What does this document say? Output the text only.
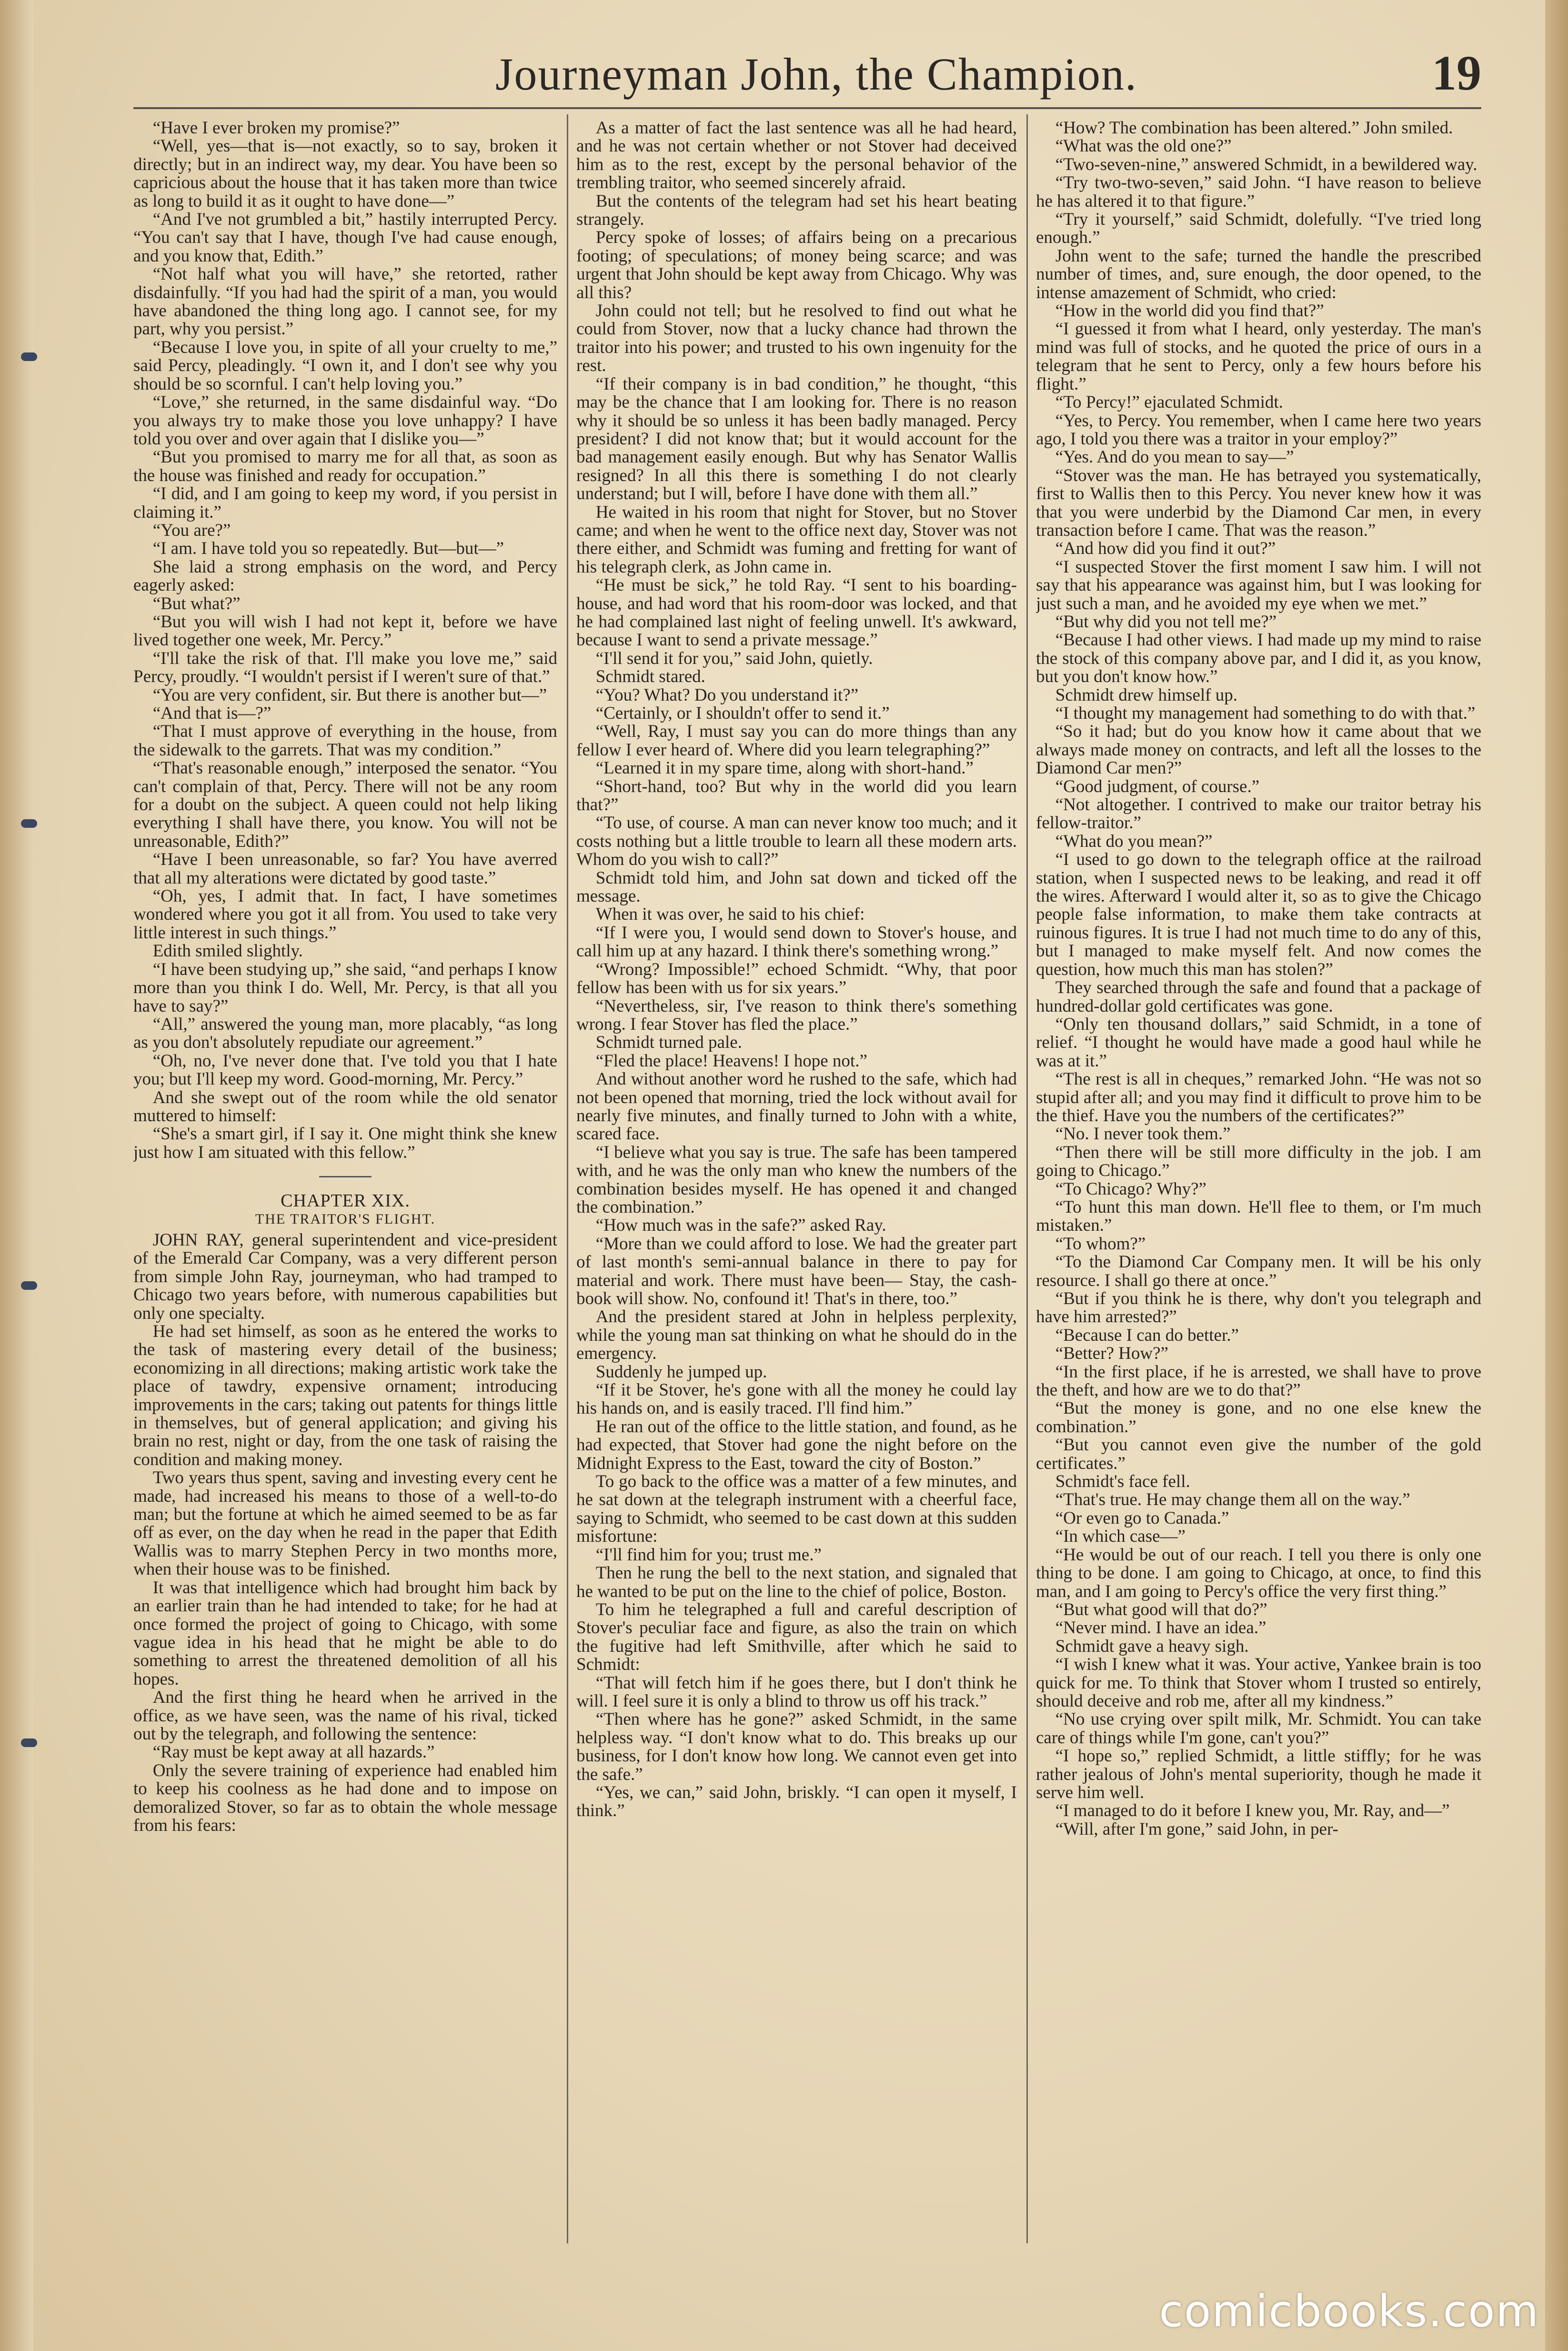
Journeyman John, the Champion.	19

“Have I ever broken my promise?”

“Well, yes—that is—not exactly, so to say, broken it directly; but in an indirect way, my dear. You have been so capricious about the house that it has taken more than twice as long to build it as it ought to have done—”

“And I've not grumbled a bit,” hastily interrupted Percy. “You can't say that I have, though I've had cause enough, and you know that, Edith.”

“Not half what you will have,” she retorted, rather disdainfully. “If you had had the spirit of a man, you would have abandoned the thing long ago. I cannot see, for my part, why you persist.”

“Because I love you, in spite of all your cruelty to me,” said Percy, pleadingly. “I own it, and I don't see why you should be so scornful. I can't help loving you.”

“Love,” she returned, in the same disdainful way. “Do you always try to make those you love unhappy? I have told you over and over again that I dislike you—”

“But you promised to marry me for all that, as soon as the house was finished and ready for occupation.”

“I did, and I am going to keep my word, if you persist in claiming it.”

“You are?”

“I am. I have told you so repeatedly. But—but—”

She laid a strong emphasis on the word, and Percy eagerly asked:

“But what?”

“But you will wish I had not kept it, before we have lived together one week, Mr. Percy.”

“I'll take the risk of that. I'll make you love me,” said Percy, proudly. “I wouldn't persist if I weren't sure of that.”

“You are very confident, sir. But there is another but—”

“And that is—?”

“That I must approve of everything in the house, from the sidewalk to the garrets. That was my condition.”

“That's reasonable enough,” interposed the senator. “You can't complain of that, Percy. There will not be any room for a doubt on the subject. A queen could not help liking everything I shall have there, you know. You will not be unreasonable, Edith?”

“Have I been unreasonable, so far? You have averred that all my alterations were dictated by good taste.”

“Oh, yes, I admit that. In fact, I have sometimes wondered where you got it all from. You used to take very little interest in such things.”

Edith smiled slightly.

“I have been studying up,” she said, “and perhaps I know more than you think I do. Well, Mr. Percy, is that all you have to say?”

“All,” answered the young man, more placably, “as long as you don't absolutely repudiate our agreement.”

“Oh, no, I've never done that. I've told you that I hate you; but I'll keep my word. Good-morning, Mr. Percy.”

And she swept out of the room while the old senator muttered to himself:

“She's a smart girl, if I say it. One might think she knew just how I am situated with this fellow.”

CHAPTER XIX.

THE TRAITOR'S FLIGHT.

JOHN RAY, general superintendent and vice-president of the Emerald Car Company, was a very different person from simple John Ray, journeyman, who had tramped to Chicago two years before, with numerous capabilities but only one specialty.

He had set himself, as soon as he entered the works to the task of mastering every detail of the business; economizing in all directions; making artistic work take the place of tawdry, expensive ornament; introducing improvements in the cars; taking out patents for things little in themselves, but of general application; and giving his brain no rest, night or day, from the one task of raising the condition and making money.

Two years thus spent, saving and investing every cent he made, had increased his means to those of a well-to-do man; but the fortune at which he aimed seemed to be as far off as ever, on the day when he read in the paper that Edith Wallis was to marry Stephen Percy in two months more, when their house was to be finished.

It was that intelligence which had brought him back by an earlier train than he had intended to take; for he had at once formed the project of going to Chicago, with some vague idea in his head that he might be able to do something to arrest the threatened demolition of all his hopes.

And the first thing he heard when he arrived in the office, as we have seen, was the name of his rival, ticked out by the telegraph, and following the sentence:

“Ray must be kept away at all hazards.”

Only the severe training of experience had enabled him to keep his coolness as he had done and to impose on demoralized Stover, so far as to obtain the whole message from his fears:

As a matter of fact the last sentence was all he had heard, and he was not certain whether or not Stover had deceived him as to the rest, except by the personal behavior of the trembling traitor, who seemed sincerely afraid.

But the contents of the telegram had set his heart beating strangely.

Percy spoke of losses; of affairs being on a precarious footing; of speculations; of money being scarce; and was urgent that John should be kept away from Chicago. Why was all this?

John could not tell; but he resolved to find out what he could from Stover, now that a lucky chance had thrown the traitor into his power; and trusted to his own ingenuity for the rest.

“If their company is in bad condition,” he thought, “this may be the chance that I am looking for. There is no reason why it should be so unless it has been badly managed. Percy president? I did not know that; but it would account for the bad management easily enough. But why has Senator Wallis resigned? In all this there is something I do not clearly understand; but I will, before I have done with them all.”

He waited in his room that night for Stover, but no Stover came; and when he went to the office next day, Stover was not there either, and Schmidt was fuming and fretting for want of his telegraph clerk, as John came in.

“He must be sick,” he told Ray. “I sent to his boarding-house, and had word that his room-door was locked, and that he had complained last night of feeling unwell. It's awkward, because I want to send a private message.”

“I'll send it for you,” said John, quietly.

Schmidt stared.

“You? What? Do you understand it?”

“Certainly, or I shouldn't offer to send it.”

“Well, Ray, I must say you can do more things than any fellow I ever heard of. Where did you learn telegraphing?”

“Learned it in my spare time, along with short-hand.”

“Short-hand, too? But why in the world did you learn that?”

“To use, of course. A man can never know too much; and it costs nothing but a little trouble to learn all these modern arts. Whom do you wish to call?”

Schmidt told him, and John sat down and ticked off the message.

When it was over, he said to his chief:

“If I were you, I would send down to Stover's house, and call him up at any hazard. I think there's something wrong.”

“Wrong? Impossible!” echoed Schmidt. “Why, that poor fellow has been with us for six years.”

“Nevertheless, sir, I've reason to think there's something wrong. I fear Stover has fled the place.”

Schmidt turned pale.

“Fled the place! Heavens! I hope not.”

And without another word he rushed to the safe, which had not been opened that morning, tried the lock without avail for nearly five minutes, and finally turned to John with a white, scared face.

“I believe what you say is true. The safe has been tampered with, and he was the only man who knew the numbers of the combination besides myself. He has opened it and changed the combination.”

“How much was in the safe?” asked Ray.

“More than we could afford to lose. We had the greater part of last month's semi-annual balance in there to pay for material and work. There must have been— Stay, the cash-book will show. No, confound it! That's in there, too.”

And the president stared at John in helpless perplexity, while the young man sat thinking on what he should do in the emergency.

Suddenly he jumped up.

“If it be Stover, he's gone with all the money he could lay his hands on, and is easily traced. I'll find him.”

He ran out of the office to the little station, and found, as he had expected, that Stover had gone the night before on the Midnight Express to the East, toward the city of Boston.”

To go back to the office was a matter of a few minutes, and he sat down at the telegraph instrument with a cheerful face, saying to Schmidt, who seemed to be cast down at this sudden misfortune:

“I'll find him for you; trust me.”

Then he rung the bell to the next station, and signaled that he wanted to be put on the line to the chief of police, Boston.

To him he telegraphed a full and careful description of Stover's peculiar face and figure, as also the train on which the fugitive had left Smithville, after which he said to Schmidt:

“That will fetch him if he goes there, but I don't think he will. I feel sure it is only a blind to throw us off his track.”

“Then where has he gone?” asked Schmidt, in the same helpless way. “I don't know what to do. This breaks up our business, for I don't know how long. We cannot even get into the safe.”

“Yes, we can,” said John, briskly. “I can open it myself, I think.”

“How? The combination has been altered.” John smiled.

“What was the old one?”

“Two-seven-nine,” answered Schmidt, in a bewildered way.

“Try two-two-seven,” said John. “I have reason to believe he has altered it to that figure.”

“Try it yourself,” said Schmidt, dolefully. “I've tried long enough.”

John went to the safe; turned the handle the prescribed number of times, and, sure enough, the door opened, to the intense amazement of Schmidt, who cried:

“How in the world did you find that?”

“I guessed it from what I heard, only yesterday. The man's mind was full of stocks, and he quoted the price of ours in a telegram that he sent to Percy, only a few hours before his flight.”

“To Percy!” ejaculated Schmidt.

“Yes, to Percy. You remember, when I came here two years ago, I told you there was a traitor in your employ?”

“Yes. And do you mean to say—”

“Stover was the man. He has betrayed you systematically, first to Wallis then to this Percy. You never knew how it was that you were underbid by the Diamond Car men, in every transaction before I came. That was the reason.”

“And how did you find it out?”

“I suspected Stover the first moment I saw him. I will not say that his appearance was against him, but I was looking for just such a man, and he avoided my eye when we met.”

“But why did you not tell me?”

“Because I had other views. I had made up my mind to raise the stock of this company above par, and I did it, as you know, but you don't know how.”

Schmidt drew himself up.

“I thought my management had something to do with that.”

“So it had; but do you know how it came about that we always made money on contracts, and left all the losses to the Diamond Car men?”

“Good judgment, of course.”

“Not altogether. I contrived to make our traitor betray his fellow-traitor.”

“What do you mean?”

“I used to go down to the telegraph office at the railroad station, when I suspected news to be leaking, and read it off the wires. Afterward I would alter it, so as to give the Chicago people false information, to make them take contracts at ruinous figures. It is true I had not much time to do any of this, but I managed to make myself felt. And now comes the question, how much this man has stolen?”

They searched through the safe and found that a package of hundred-dollar gold certificates was gone.

“Only ten thousand dollars,” said Schmidt, in a tone of relief. “I thought he would have made a good haul while he was at it.”

“The rest is all in cheques,” remarked John. “He was not so stupid after all; and you may find it difficult to prove him to be the thief. Have you the numbers of the certificates?”

“No. I never took them.”

“Then there will be still more difficulty in the job. I am going to Chicago.”

“To Chicago? Why?”

“To hunt this man down. He'll flee to them, or I'm much mistaken.”

“To whom?”

“To the Diamond Car Company men. It will be his only resource. I shall go there at once.”

“But if you think he is there, why don't you telegraph and have him arrested?”

“Because I can do better.”

“Better? How?”

“In the first place, if he is arrested, we shall have to prove the theft, and how are we to do that?”

“But the money is gone, and no one else knew the combination.”

“But you cannot even give the number of the gold certificates.”

Schmidt's face fell.

“That's true. He may change them all on the way.”

“Or even go to Canada.”

“In which case—”

“He would be out of our reach. I tell you there is only one thing to be done. I am going to Chicago, at once, to find this man, and I am going to Percy's office the very first thing.”

“But what good will that do?”

“Never mind. I have an idea.”

Schmidt gave a heavy sigh.

“I wish I knew what it was. Your active, Yankee brain is too quick for me. To think that Stover whom I trusted so entirely, should deceive and rob me, after all my kindness.”

“No use crying over spilt milk, Mr. Schmidt. You can take care of things while I'm gone, can't you?”

“I hope so,” replied Schmidt, a little stiffly; for he was rather jealous of John's mental superiority, though he made it serve him well.

“I managed to do it before I knew you, Mr. Ray, and—”

“Will, after I'm gone,” said John, in per-

comicbooks.com
